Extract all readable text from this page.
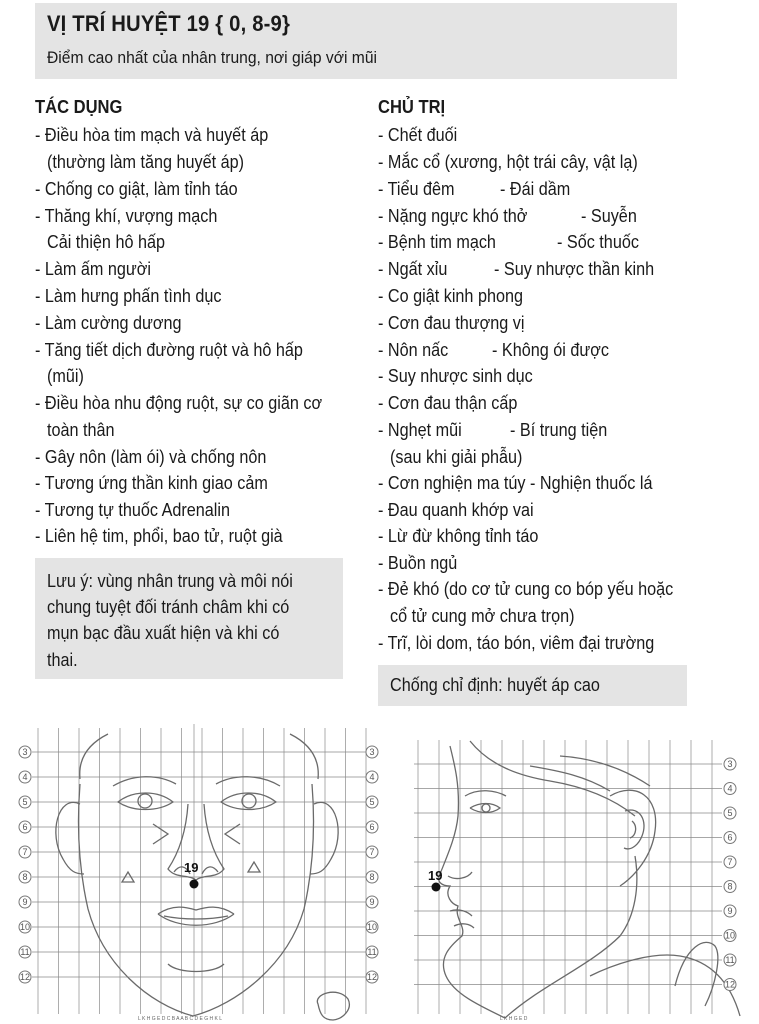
VỊ TRÍ HUYỆT 19 { 0, 8-9}
Điểm cao nhất của nhân trung, nơi giáp với mũi
TÁC DỤNG
- Điều hòa tim mạch và huyết áp
(thường làm tăng huyết áp)
- Chống co giật, làm tỉnh táo
- Thăng khí, vượng mạch
Cải thiện hô hấp
- Làm ấm người
- Làm hưng phấn tình dục
- Làm cường dương
- Tăng tiết dịch đường ruột và hô hấp
(mũi)
- Điều hòa nhu động ruột, sự co giãn cơ
toàn thân
- Gây nôn (làm ói) và chống nôn
- Tương ứng thần kinh giao cảm
- Tương tự thuốc Adrenalin
- Liên hệ tim, phổi, bao tử, ruột già
Lưu ý: vùng nhân trung và môi nói
chung tuyệt đối tránh châm khi có
mụn bạc đầu xuất hiện và khi có
thai.
CHỦ TRỊ
- Chết đuối
- Mắc cổ (xương, hột trái cây, vật lạ)
- Tiểu đêm	- Đái dầm
- Nặng ngực khó thở	- Suyễn
- Bệnh tim mạch	- Sốc thuốc
- Ngất xỉu	- Suy nhược thần kinh
- Co giật kinh phong
- Cơn đau thượng vị
- Nôn nấc - Không ói được
- Suy nhược sinh dục
- Cơn đau thận cấp
- Nghẹt mũi	- Bí trung tiện
(sau khi giải phẫu)
- Cơn nghiện ma túy - Nghiện thuốc lá
- Đau quanh khớp vai
- Lừ đừ không tỉnh táo
- Buồn ngủ
- Đẻ khó (do cơ tử cung co bóp yếu hoặc
cổ tử cung mở chưa trọn)
- Trĩ, lòi dom, táo bón, viêm đại trường
Chống chỉ định: huyết áp cao
19
L K H G E D C B A A B C D E G H K L
3	3
4	4
5	5
6	6
7	7
8	8
9	9
10	10
11	11
12	12
19
L K H G E D
3
4
5
6
7
8
9
10
11
12
